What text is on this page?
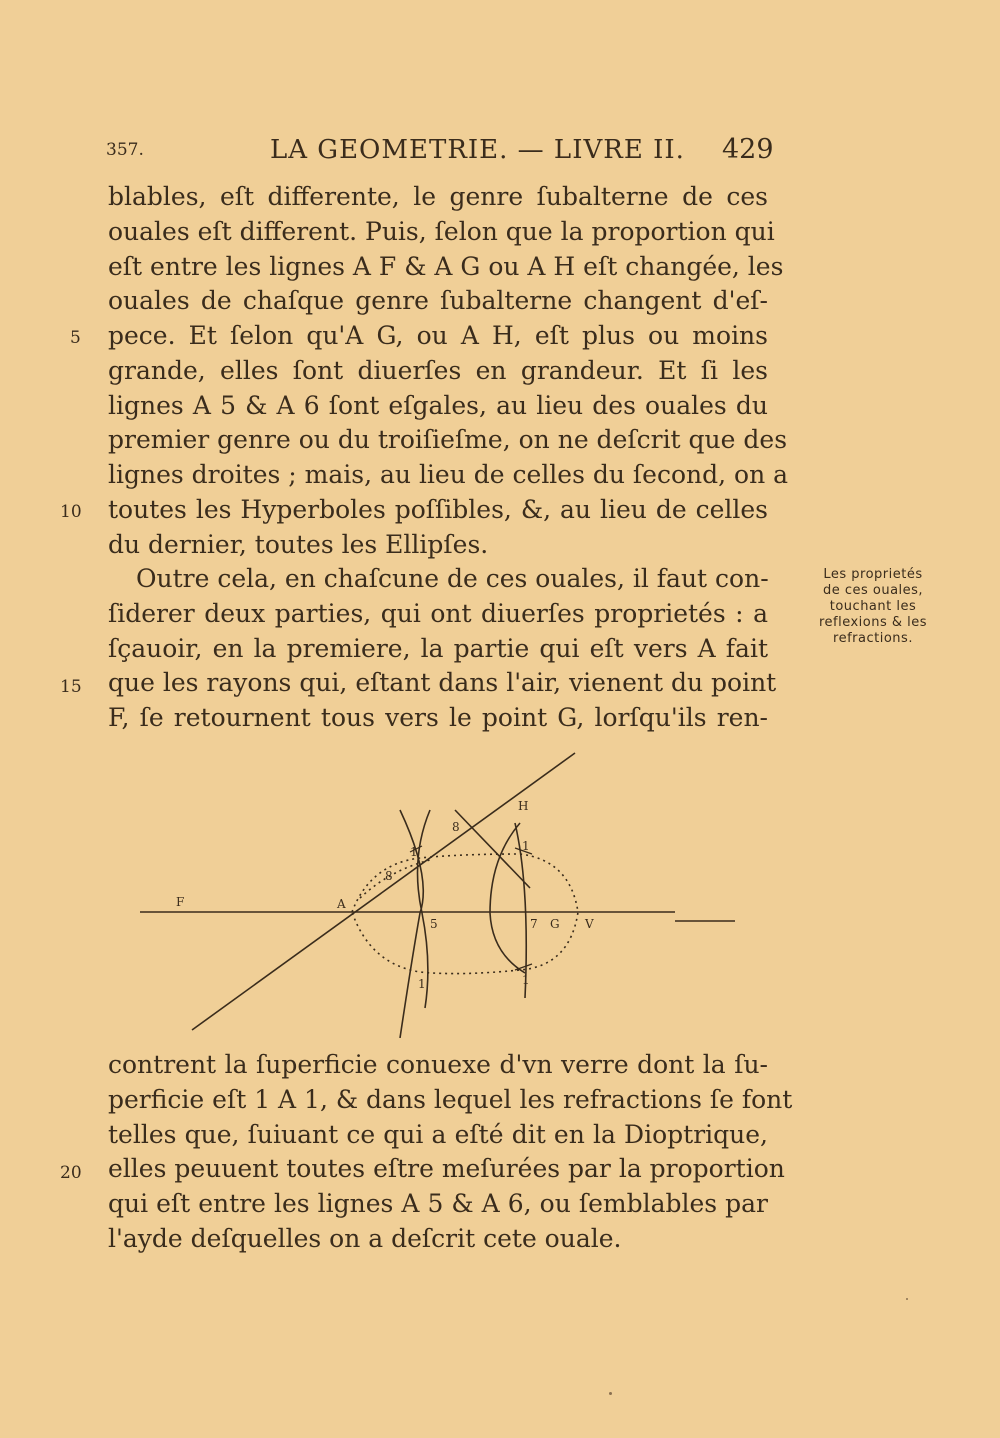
357.	LA GEOMETRIE. — LIVRE II. 429
5
10
15
20
blables, eſt differente, le genre ſubalterne de ces
ouales eſt different. Puis, ſelon que la proportion qui
eſt entre les lignes A F & A G ou A H eſt changée, les
ouales de chaſque genre ſubalterne changent d'eſ-
pece. Et ſelon qu'A G, ou A H, eſt plus ou moins
grande, elles ſont diuerſes en grandeur. Et ſi les
lignes A 5 & A 6 ſont eſgales, au lieu des ouales du
premier genre ou du troiſieſme, on ne deſcrit que des
lignes droites ; mais, au lieu de celles du ſecond, on a
toutes les Hyperboles poſſibles, &, au lieu de celles
du dernier, toutes les Ellipſes.
Outre cela, en chaſcune de ces ouales, il faut con-
ſiderer deux parties, qui ont diuerſes proprietés : a
ſçauoir, en la premiere, la partie qui eſt vers A fait
que les rayons qui, eſtant dans l'air, vienent du point
F, ſe retournent tous vers le point G, lorſqu'ils ren-
Les proprietés
de ces ouales,
touchant les
reflexions & les
refractions.
F	A
H
8
8
5	7 G V
1	1
1	1
contrent la ſuperficie conuexe d'vn verre dont la ſu-
perficie eſt 1 A 1, & dans lequel les refractions ſe font
telles que, ſuiuant ce qui a eſté dit en la Dioptrique,
elles peuuent toutes eſtre meſurées par la proportion
qui eſt entre les lignes A 5 & A 6, ou ſemblables par
l'ayde deſquelles on a deſcrit cete ouale.
